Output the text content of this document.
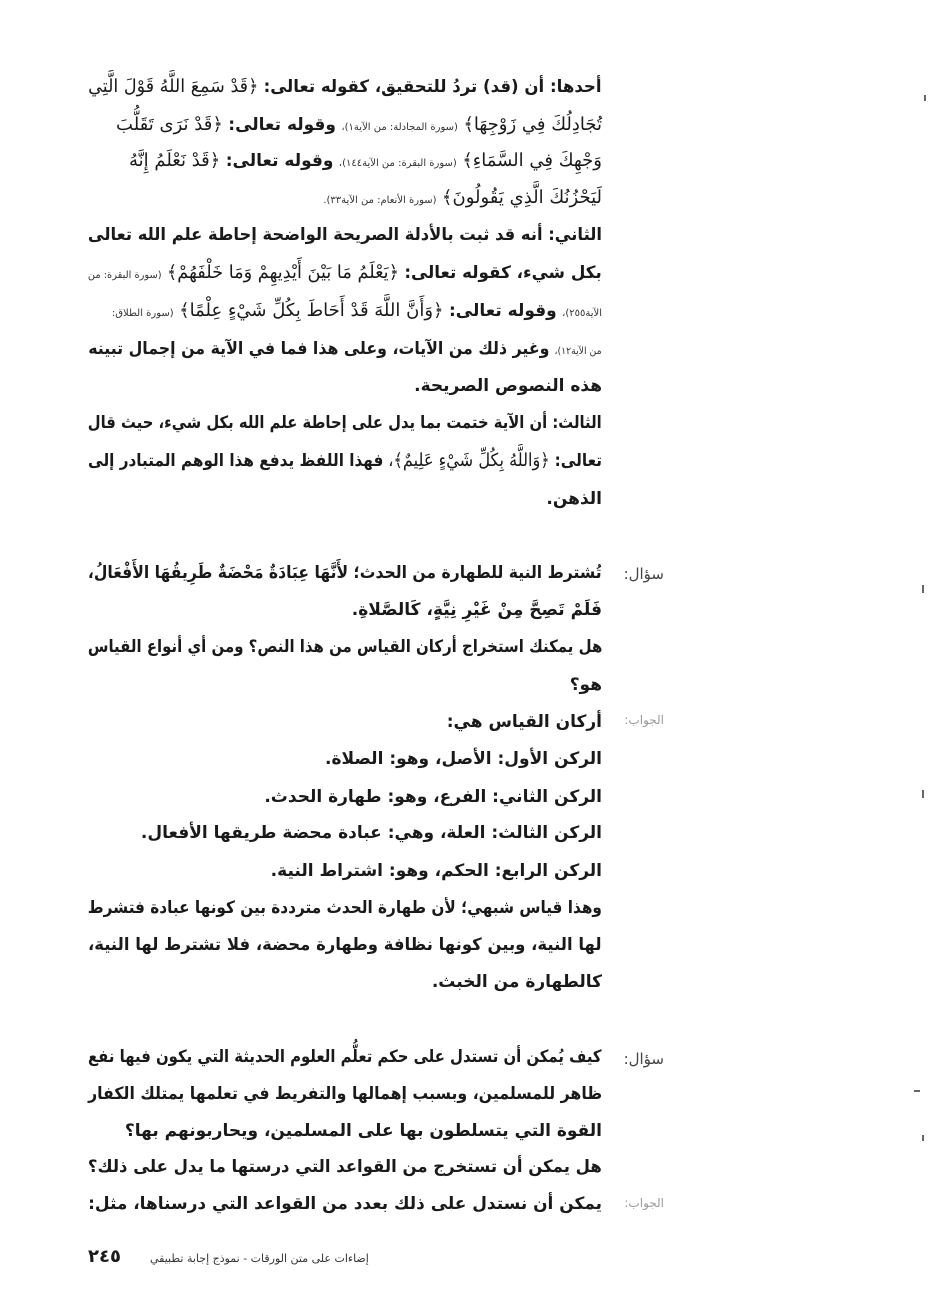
أحدها: أن (قد) تردُ للتحقيق، كقوله تعالى: ﴿قَدْ سَمِعَ اللَّهُ قَوْلَ الَّتِي
تُجَادِلُكَ فِي زَوْجِهَا﴾ (سورة المجادلة: من الآية١)، وقوله تعالى: ﴿قَدْ نَرَى تَقَلُّبَ
وَجْهِكَ فِي السَّمَاءِ﴾ (سورة البقرة: من الآية١٤٤)، وقوله تعالى: ﴿قَدْ نَعْلَمُ إِنَّهُ
لَيَحْزُنُكَ الَّذِي يَقُولُونَ﴾ (سورة الأنعام: من الآية٣٣).
الثاني: أنه قد ثبت بالأدلة الصريحة الواضحة إحاطة علم الله تعالى
بكل شيء، كقوله تعالى: ﴿يَعْلَمُ مَا بَيْنَ أَيْدِيهِمْ وَمَا خَلْفَهُمْ﴾ (سورة البقرة: من
الآية٢٥٥)، وقوله تعالى: ﴿وَأَنَّ اللَّهَ قَدْ أَحَاطَ بِكُلِّ شَيْءٍ عِلْمًا﴾ (سورة الطلاق:
من الآية١٢)، وغير ذلك من الآيات، وعلى هذا فما في الآية من إجمال تبينه
هذه النصوص الصريحة.
الثالث: أن الآية ختمت بما يدل على إحاطة علم الله بكل شيء، حيث قال
تعالى: ﴿وَاللَّهُ بِكُلِّ شَيْءٍ عَلِيمٌ﴾، فهذا اللفظ يدفع هذا الوهم المتبادر إلى
الذهن.
سؤال:
تُشترط النية للطهارة من الحدث؛ لأَنَّهَا عِبَادَةٌ مَحْضَةٌ طَرِيقُهَا الأَفْعَالُ،
فَلَمْ تَصِحَّ مِنْ غَيْرِ نِيَّةٍ، كَالصَّلاةِ.
هل يمكنك استخراج أركان القياس من هذا النص؟ ومن أي أنواع القياس
هو؟
الجواب:
أركان القياس هي:
الركن الأول: الأصل، وهو: الصلاة.
الركن الثاني: الفرع، وهو: طهارة الحدث.
الركن الثالث: العلة، وهي: عبادة محضة طريقها الأفعال.
الركن الرابع: الحكم، وهو: اشتراط النية.
وهذا قياس شبهي؛ لأن طهارة الحدث مترددة بين كونها عبادة فتشرط
لها النية، وبين كونها نظافة وطهارة محضة، فلا تشترط لها النية،
كالطهارة من الخبث.
سؤال:
كيف يُمكن أن تستدل على حكم تعلُّم العلوم الحديثة التي يكون فيها نفع
ظاهر للمسلمين، وبسبب إهمالها والتفريط في تعلمها يمتلك الكفار
القوة التي يتسلطون بها على المسلمين، ويحاربونهم بها؟
هل يمكن أن تستخرج من القواعد التي درستها ما يدل على ذلك؟
الجواب:
يمكن أن نستدل على ذلك بعدد من القواعد التي درسناها، مثل:
٢٤٥	إضاءات على متن الورقات - نموذج إجابة تطبيقي
